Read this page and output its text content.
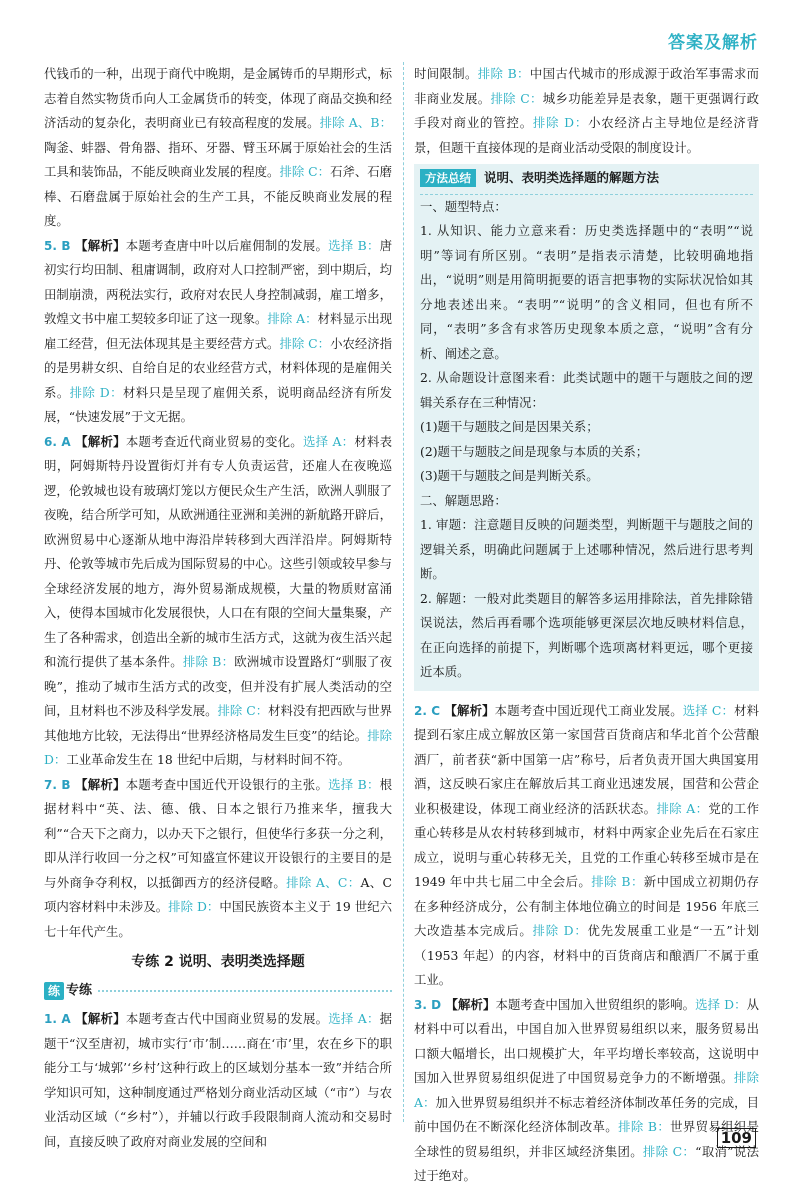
答案及解析

代钱币的一种，出现于商代中晚期，是金属铸币的早期形式，标志着自然实物货币向人工金属货币的转变，体现了商品交换和经济活动的复杂化，表明商业已有较高程度的发展。排除 A、B：陶釜、蚌器、骨角器、指环、牙器、臂玉环属于原始社会的生活工具和装饰品，不能反映商业发展的程度。排除 C：石斧、石磨棒、石磨盘属于原始社会的生产工具，不能反映商业发展的程度。

5. B 【解析】本题考查唐中叶以后雇佣制的发展。选择 B：唐初实行均田制、租庸调制，政府对人口控制严密，到中期后，均田制崩溃，两税法实行，政府对农民人身控制减弱，雇工增多，敦煌文书中雇工契较多印证了这一现象。排除 A：材料显示出现雇工经营，但无法体现其是主要经营方式。排除 C：小农经济指的是男耕女织、自给自足的农业经营方式，材料体现的是雇佣关系。排除 D：材料只是呈现了雇佣关系，说明商品经济有所发展，“快速发展”于文无据。

6. A 【解析】本题考查近代商业贸易的变化。选择 A：材料表明，阿姆斯特丹设置街灯并有专人负责运营，还雇人在夜晚巡逻，伦敦城也设有玻璃灯笼以方便民众生产生活，欧洲人驯服了夜晚，结合所学可知，从欧洲通往亚洲和美洲的新航路开辟后，欧洲贸易中心逐渐从地中海沿岸转移到大西洋沿岸。阿姆斯特丹、伦敦等城市先后成为国际贸易的中心。这些引领或较早参与全球经济发展的地方，海外贸易渐成规模，大量的物质财富涌入，使得本国城市化发展很快，人口在有限的空间大量集聚，产生了各种需求，创造出全新的城市生活方式，这就为夜生活兴起和流行提供了基本条件。排除 B：欧洲城市设置路灯“驯服了夜晚”，推动了城市生活方式的改变，但并没有扩展人类活动的空间，且材料也不涉及科学发展。排除 C：材料没有把西欧与世界其他地方比较，无法得出“世界经济格局发生巨变”的结论。排除 D：工业革命发生在 18 世纪中后期，与材料时间不符。

7. B 【解析】本题考查中国近代开设银行的主张。选择 B：根据材料中“英、法、德、俄、日本之银行乃推来华，擅我大利”“合天下之商力，以办天下之银行，但使华行多获一分之利，即从洋行收回一分之权”可知盛宣怀建议开设银行的主要目的是与外商争夺利权，以抵御西方的经济侵略。排除 A、C：A、C 项内容材料中未涉及。排除 D：中国民族资本主义于 19 世纪六七十年代产生。

专练 2 说明、表明类选择题
练 专练

1. A 【解析】本题考查古代中国商业贸易的发展。选择 A：据题干“汉至唐初，城市实行‘市’制……商在‘市’里，农在乡下的职能分工与‘城郭’‘乡村’这种行政上的区域划分基本一致”并结合所学知识可知，这种制度通过严格划分商业活动区域（“市”）与农业活动区域（“乡村”），并辅以行政手段限制商人流动和交易时间，直接反映了政府对商业发展的空间和

时间限制。排除 B：中国古代城市的形成源于政治军事需求而非商业发展。排除 C：城乡功能差异是表象，题干更强调行政手段对商业的管控。排除 D：小农经济占主导地位是经济背景，但题干直接体现的是商业活动受限的制度设计。

方法总结	说明、表明类选择题的解题方法

一、题型特点：

1. 从知识、能力立意来看：历史类选择题中的“表明”“说明”等词有所区别。“表明”是指表示清楚，比较明确地指出，“说明”则是用简明扼要的语言把事物的实际状况恰如其分地表述出来。“表明”“说明”的含义相同，但也有所不同，“表明”多含有求答历史现象本质之意，“说明”含有分析、阐述之意。

2. 从命题设计意图来看：此类试题中的题干与题肢之间的逻辑关系存在三种情况：

(1)题干与题肢之间是因果关系；

(2)题干与题肢之间是现象与本质的关系；

(3)题干与题肢之间是判断关系。

二、解题思路：

1. 审题：注意题目反映的问题类型，判断题干与题肢之间的逻辑关系，明确此问题属于上述哪种情况，然后进行思考判断。

2. 解题：一般对此类题目的解答多运用排除法，首先排除错误说法，然后再看哪个选项能够更深层次地反映材料信息，在正向选择的前提下，判断哪个选项离材料更远，哪个更接近本质。

2. C 【解析】本题考查中国近现代工商业发展。选择 C：材料提到石家庄成立解放区第一家国营百货商店和华北首个公营酿酒厂，前者获“新中国第一店”称号，后者负责开国大典国宴用酒，这反映石家庄在解放后其工商业迅速发展，国营和公营企业积极建设，体现工商业经济的活跃状态。排除 A：党的工作重心转移是从农村转移到城市，材料中两家企业先后在石家庄成立，说明与重心转移无关，且党的工作重心转移至城市是在 1949 年中共七届二中全会后。排除 B：新中国成立初期仍存在多种经济成分，公有制主体地位确立的时间是 1956 年底三大改造基本完成后。排除 D：优先发展重工业是“一五”计划（1953 年起）的内容，材料中的百货商店和酿酒厂不属于重工业。

3. D 【解析】本题考查中国加入世贸组织的影响。选择 D：从材料中可以看出，中国自加入世界贸易组织以来，服务贸易出口额大幅增长，出口规模扩大，年平均增长率较高，这说明中国加入世界贸易组织促进了中国贸易竞争力的不断增强。排除 A：加入世界贸易组织并不标志着经济体制改革任务的完成，目前中国仍在不断深化经济体制改革。排除 B：世界贸易组织是全球性的贸易组织，并非区域经济集团。排除 C：“取消”说法过于绝对。

109
